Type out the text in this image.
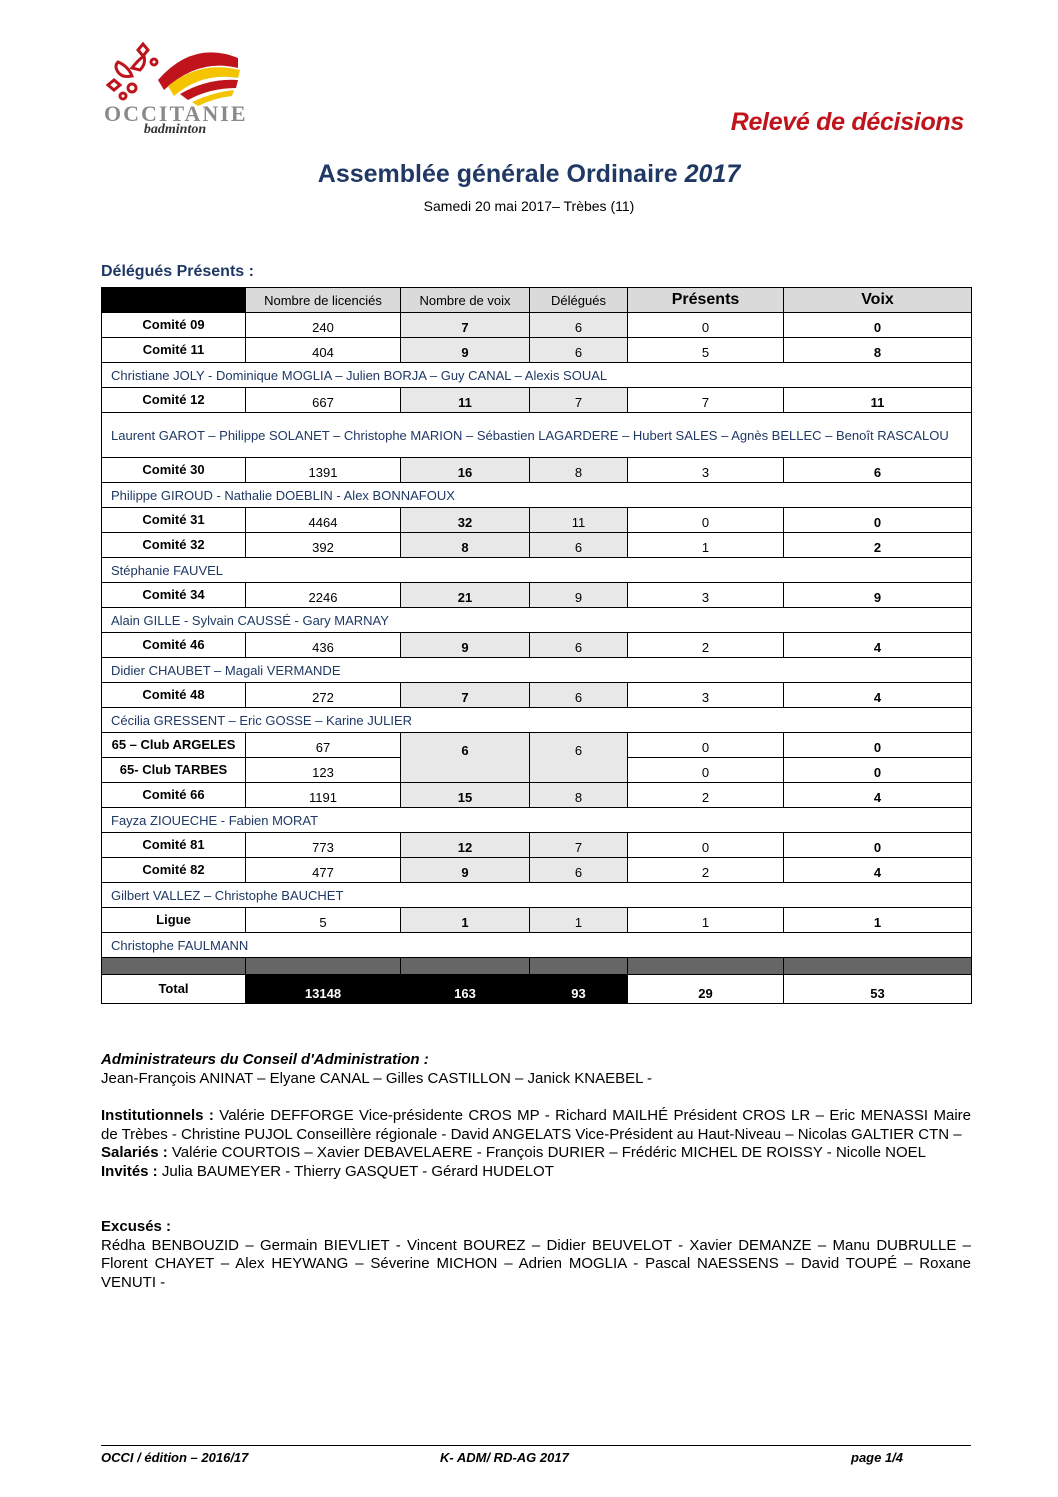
OCCITANIE
badminton	Relevé de décisions
Assemblée générale Ordinaire 2017
Samedi 20 mai 2017– Trèbes (11)
Délégués Présents :
	Nombre de licenciés	Nombre de voix	Délégués	Présents	Voix

Comité 09	240	7	6	0	0

Comité 11	404	9	6	5	8

Christiane JOLY - Dominique MOGLIA – Julien BORJA – Guy CANAL – Alexis SOUAL					

Comité 12	667	11	7	7	11

Laurent GAROT – Philippe SOLANET – Christophe MARION – Sébastien LAGARDERE – Hubert SALES – Agnès BELLEC – Benoît RASCALOU					

Comité 30	1391	16	8	3	6

Philippe GIROUD - Nathalie DOEBLIN - Alex BONNAFOUX					

Comité 31	4464	32	11	0	0

Comité 32	392	8	6	1	2

Stéphanie FAUVEL					

Comité 34	2246	21	9	3	9

Alain GILLE - Sylvain CAUSSÉ - Gary MARNAY					

Comité 46	436	9	6	2	4

Didier CHAUBET – Magali VERMANDE					

Comité 48	272	7	6	3	4

Cécilia GRESSENT – Eric GOSSE – Karine JULIER					

65 – Club ARGELES	67	6	6	0	0

65- Club TARBES	123			0	0

Comité 66	1191	15	8	2	4

Fayza ZIOUECHE - Fabien MORAT					

Comité 81	773	12	7	0	0

Comité 82	477	9	6	2	4

Gilbert VALLEZ – Christophe BAUCHET					

Ligue	5	1	1	1	1

Christophe FAULMANN					

Total	13148	163	93	29	53
Administrateurs du Conseil d'Administration :
Jean-François ANINAT – Elyane CANAL – Gilles CASTILLON – Janick KNAEBEL -
Institutionnels : Valérie DEFFORGE Vice-présidente CROS MP - Richard MAILHÉ Président CROS LR – Eric MENASSI Maire de Trèbes - Christine PUJOL Conseillère régionale - David ANGELATS Vice-Président au Haut-Niveau – Nicolas GALTIER CTN –
Salariés : Valérie COURTOIS – Xavier DEBAVELAERE - François DURIER – Frédéric MICHEL DE ROISSY - Nicolle NOEL
Invités : Julia BAUMEYER - Thierry GASQUET - Gérard HUDELOT
Excusés :
Rédha BENBOUZID – Germain BIEVLIET - Vincent BOUREZ – Didier BEUVELOT - Xavier DEMANZE – Manu DUBRULLE – Florent CHAYET – Alex HEYWANG – Séverine MICHON – Adrien MOGLIA - Pascal NAESSENS – David TOUPÉ – Roxane VENUTI -
OCCI / édition – 2016/17	K- ADM/ RD-AG 2017	page 1/4
